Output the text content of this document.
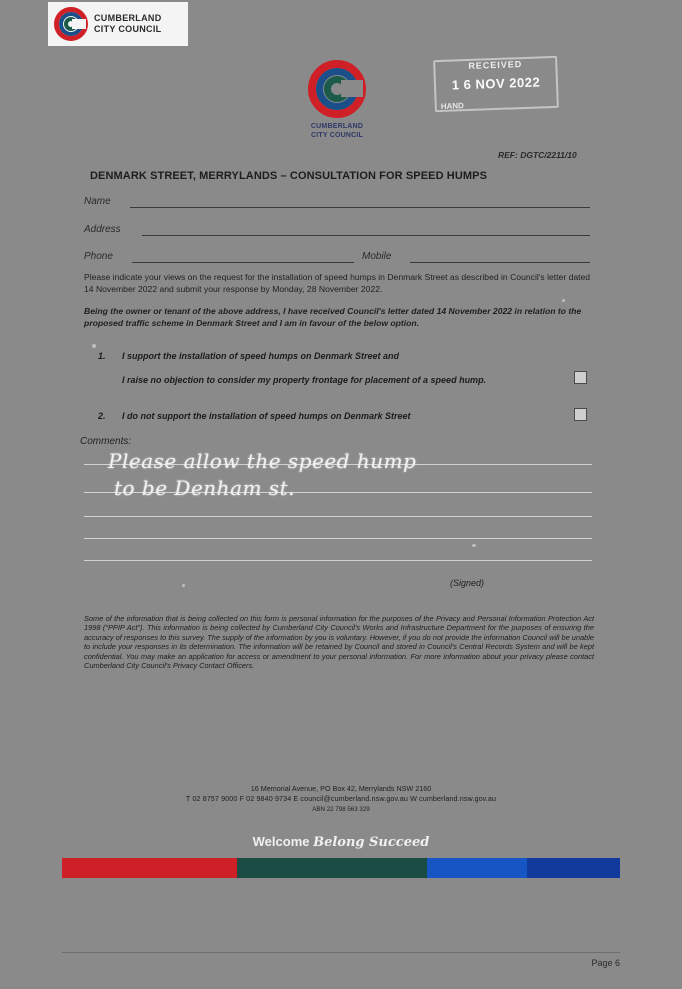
CUMBERLAND
CITY COUNCIL
CUMBERLAND
CITY COUNCIL
RECEIVED
1 6 NOV 2022
HAND
REF: DGTC/2211/10
DENMARK STREET, MERRYLANDS – CONSULTATION FOR SPEED HUMPS
Name
Address
Phone	Mobile
Please indicate your views on the request for the installation of speed humps in Denmark Street as described in Council's letter dated 14 November 2022 and submit your response by Monday, 28 November 2022.
Being the owner or tenant of the above address, I have received Council's letter dated 14 November 2022 in relation to the proposed traffic scheme in Denmark Street and I am in favour of the below option.
1. I support the installation of speed humps on Denmark Street and
I raise no objection to consider my property frontage for placement of a speed hump.
2. I do not support the installation of speed humps on Denmark Street
Comments:
Please allow the speed hump
to be Denham st.
(Signed)
Some of the information that is being collected on this form is personal information for the purposes of the Privacy and Personal Information Protection Act 1998 ("PPIP Act"). This information is being collected by Cumberland City Council's Works and Infrastructure Department for the purposes of ensuring the accuracy of responses to this survey. The supply of the information by you is voluntary. However, if you do not provide the information Council will be unable to include your responses in its determination. The information will be retained by Council and stored in Council's Central Records System and will be kept confidential. You may make an application for access or amendment to your personal information. For more information about your privacy please contact Cumberland City Council's Privacy Contact Officers.
16 Memorial Avenue, PO Box 42, Merrylands NSW 2160
T 02 8757 9000 F 02 9840 9734 E council@cumberland.nsw.gov.au W cumberland.nsw.gov.au
ABN 22 798 563 329
Welcome Belong Succeed
Page 6
